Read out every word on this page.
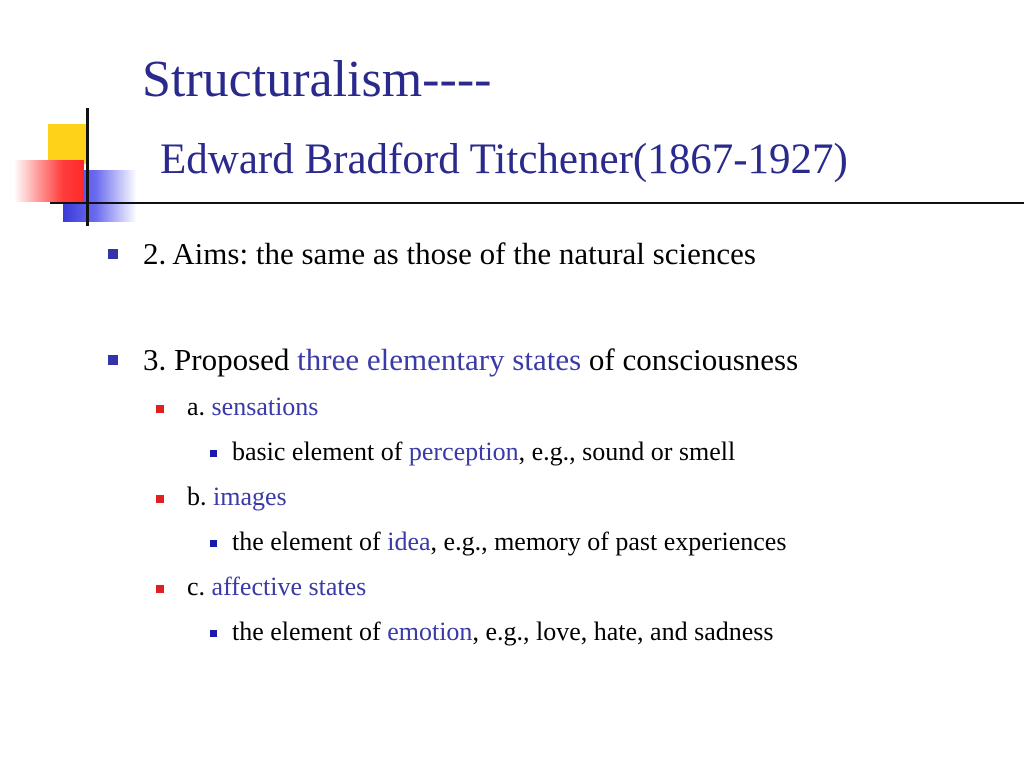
Structuralism----
Edward Bradford Titchener(1867-1927)
2. Aims: the same as those of the natural sciences
3. Proposed three elementary states of consciousness
a. sensations
basic element of perception, e.g., sound or smell
b. images
the element of idea, e.g., memory of past experiences
c. affective states
the element of emotion, e.g., love, hate, and sadness
